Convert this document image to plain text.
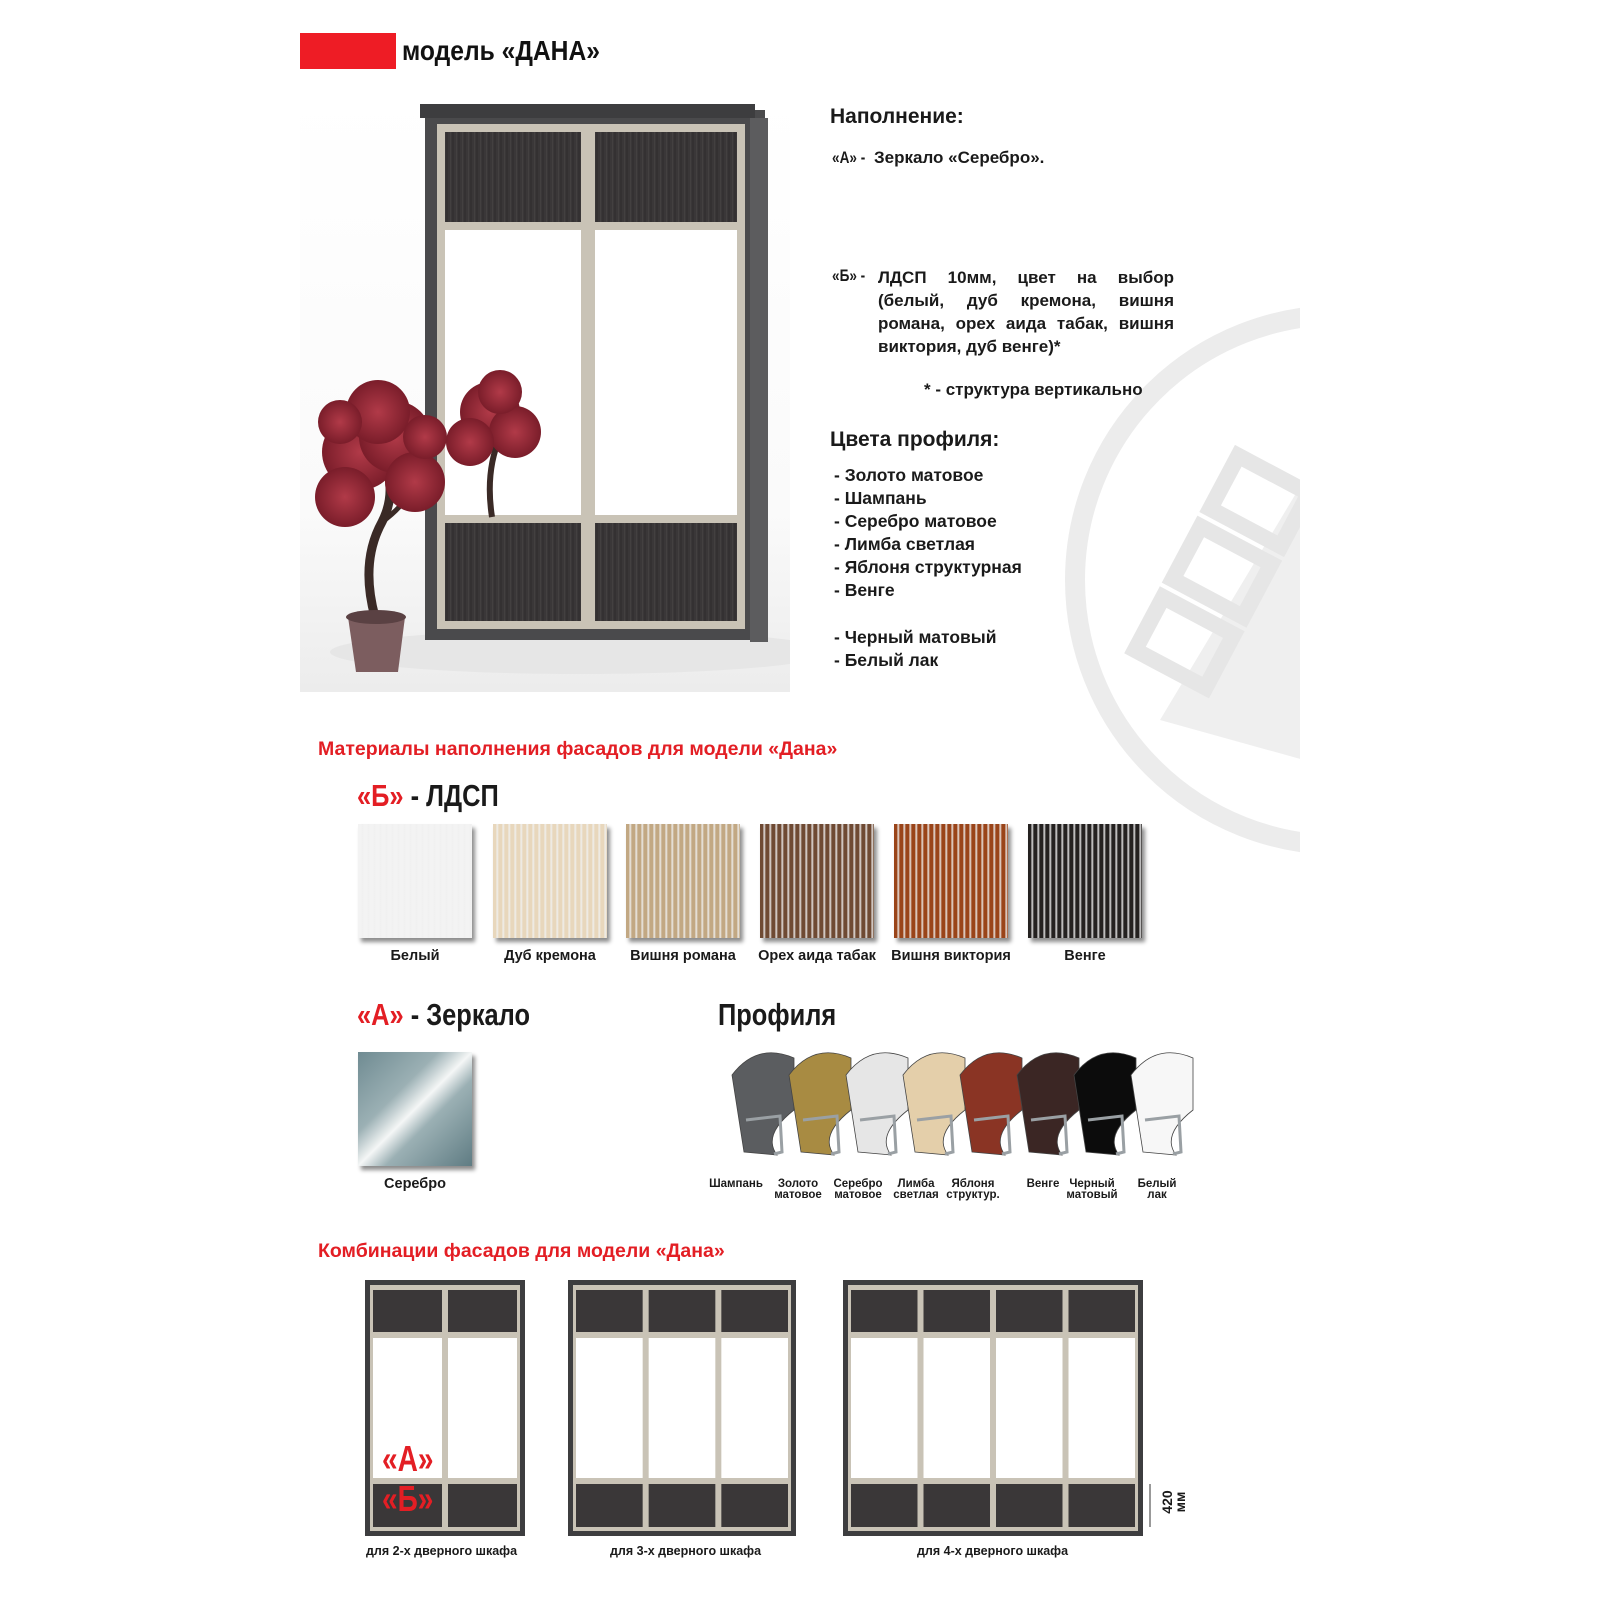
модель «ДАНА»
Наполнение:
«А» - Зеркало «Серебро».
«Б» - ЛДСП 10мм, цвет на выбор (белый, дуб кремона, вишня романа, орех аида табак, вишня виктория, дуб венге)*
* - структура вертикально
Цвета профиля:
- Золото матовое
- Шампань
- Серебро матовое
- Лимба светлая
- Яблоня структурная
- Венге
- Черный матовый
- Белый лак
Материалы наполнения фасадов для модели «Дана»
«Б» - ЛДСП
Белый	Дуб кремона	Вишня романа	Орех аида табак	Вишня виктория	Венге
«А» - Зеркало
Серебро
Профиля
Шампань	Золото
матовое
Серебро
матовое
Лимба
светлая
Яблоня
структур.
Венге Черный
матовый
Белый
лак
Комбинации фасадов для модели «Дана»
«А»
«Б»	420
мм
для 2-х дверного шкафа	для 3-х дверного шкафа	для 4-х дверного шкафа
